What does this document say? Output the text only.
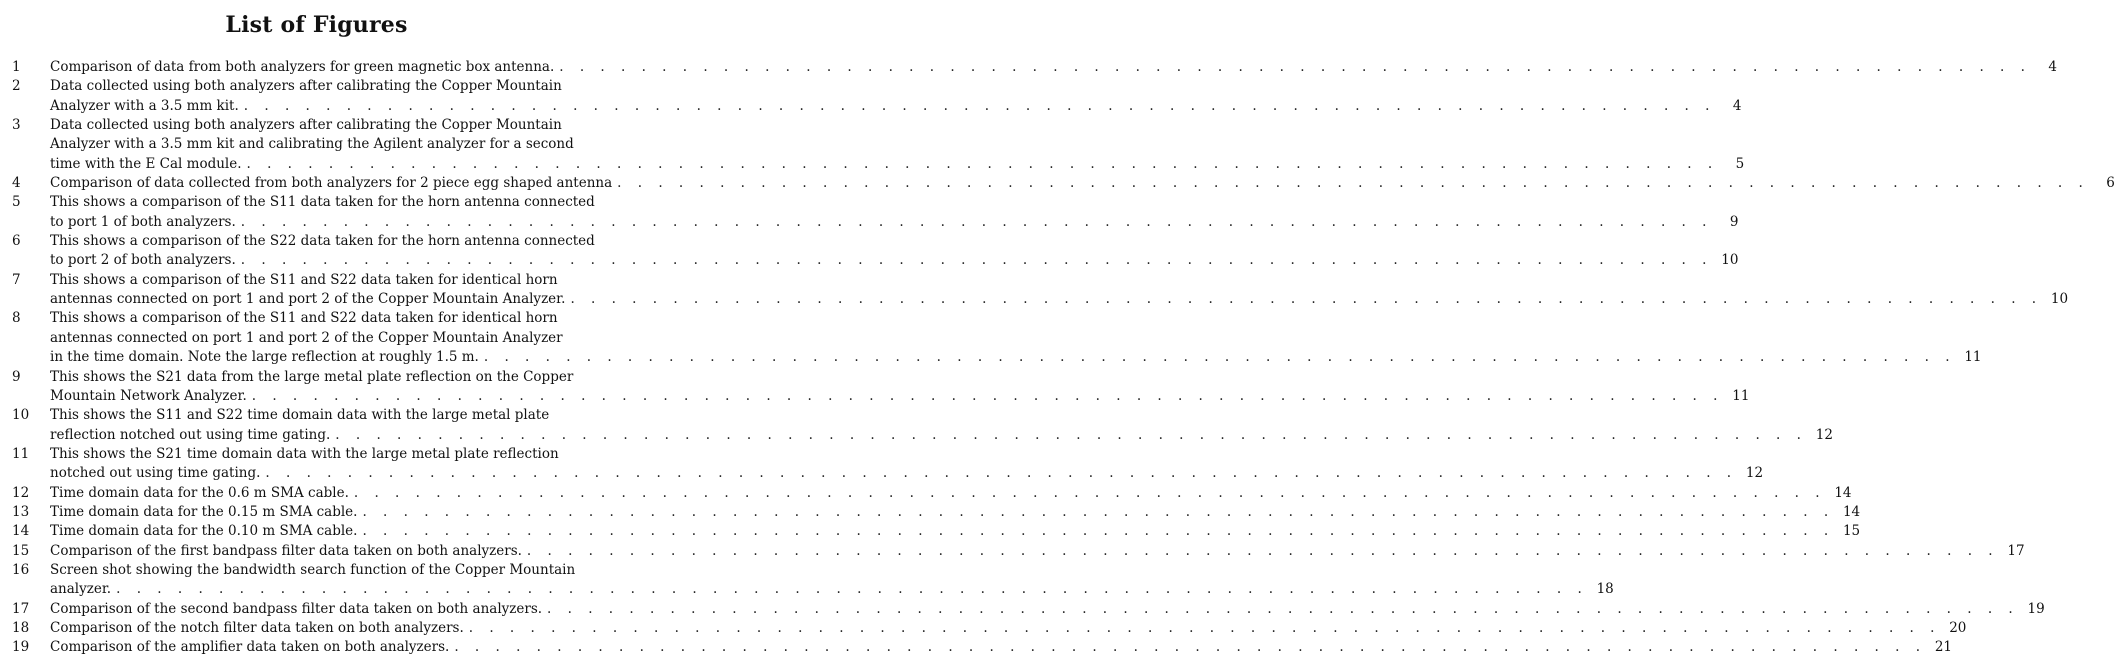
List of Figures
1	Comparison of data from both analyzers for green magnetic box antenna. . . . . . . . . . . . . . . . . . . . . . . . . . . . . . . . . . . . . . . . . . . . . . . . . . . . . . . . . . . . . . . . . . . . . . . . .	4
2	Data collected using both analyzers after calibrating the Copper Mountain
Analyzer with a 3.5 mm kit. . . . . . . . . . . . . . . . . . . . . . . . . . . . . . . . . . . . . . . . . . . . . . . . . . . . . . . . . . . . . . . . . . . . . . . . .	4
3	Data collected using both analyzers after calibrating the Copper Mountain
Analyzer with a 3.5 mm kit and calibrating the Agilent analyzer for a second
time with the E Cal module. . . . . . . . . . . . . . . . . . . . . . . . . . . . . . . . . . . . . . . . . . . . . . . . . . . . . . . . . . . . . . . . . . . . . . . . .	5
4	Comparison of data collected from both analyzers for 2 piece egg shaped antenna . . . . . . . . . . . . . . . . . . . . . . . . . . . . . . . . . . . . . . . . . . . . . . . . . . . . . . . . . . . . . . . . . . . . . . . .	6
5	This shows a comparison of the S11 data taken for the horn antenna connected
to port 1 of both analyzers. . . . . . . . . . . . . . . . . . . . . . . . . . . . . . . . . . . . . . . . . . . . . . . . . . . . . . . . . . . . . . . . . . . . . . . . .	9
6	This shows a comparison of the S22 data taken for the horn antenna connected
to port 2 of both analyzers. . . . . . . . . . . . . . . . . . . . . . . . . . . . . . . . . . . . . . . . . . . . . . . . . . . . . . . . . . . . . . . . . . . . . . . . . 10
7	This shows a comparison of the S11 and S22 data taken for identical horn
antennas connected on port 1 and port 2 of the Copper Mountain Analyzer. . . . . . . . . . . . . . . . . . . . . . . . . . . . . . . . . . . . . . . . . . . . . . . . . . . . . . . . . . . . . . . . . . . . . . . . . 10
8	This shows a comparison of the S11 and S22 data taken for identical horn
antennas connected on port 1 and port 2 of the Copper Mountain Analyzer
in the time domain. Note the large reflection at roughly 1.5 m. . . . . . . . . . . . . . . . . . . . . . . . . . . . . . . . . . . . . . . . . . . . . . . . . . . . . . . . . . . . . . . . . . . . . . . . . 11
9	This shows the S21 data from the large metal plate reflection on the Copper
Mountain Network Analyzer. . . . . . . . . . . . . . . . . . . . . . . . . . . . . . . . . . . . . . . . . . . . . . . . . . . . . . . . . . . . . . . . . . . . . . . . . 11
10	This shows the S11 and S22 time domain data with the large metal plate
reflection notched out using time gating. . . . . . . . . . . . . . . . . . . . . . . . . . . . . . . . . . . . . . . . . . . . . . . . . . . . . . . . . . . . . . . . . . . . . . . . . 12
11	This shows the S21 time domain data with the large metal plate reflection
notched out using time gating. . . . . . . . . . . . . . . . . . . . . . . . . . . . . . . . . . . . . . . . . . . . . . . . . . . . . . . . . . . . . . . . . . . . . . . . . 12
12	Time domain data for the 0.6 m SMA cable. . . . . . . . . . . . . . . . . . . . . . . . . . . . . . . . . . . . . . . . . . . . . . . . . . . . . . . . . . . . . . . . . . . . . . . . . 14
13	Time domain data for the 0.15 m SMA cable. . . . . . . . . . . . . . . . . . . . . . . . . . . . . . . . . . . . . . . . . . . . . . . . . . . . . . . . . . . . . . . . . . . . . . . . . 14
14	Time domain data for the 0.10 m SMA cable. . . . . . . . . . . . . . . . . . . . . . . . . . . . . . . . . . . . . . . . . . . . . . . . . . . . . . . . . . . . . . . . . . . . . . . . . 15
15	Comparison of the first bandpass filter data taken on both analyzers. . . . . . . . . . . . . . . . . . . . . . . . . . . . . . . . . . . . . . . . . . . . . . . . . . . . . . . . . . . . . . . . . . . . . . . . . 17
16	Screen shot showing the bandwidth search function of the Copper Mountain
analyzer. . . . . . . . . . . . . . . . . . . . . . . . . . . . . . . . . . . . . . . . . . . . . . . . . . . . . . . . . . . . . . . . . . . . . . . . . 18
17	Comparison of the second bandpass filter data taken on both analyzers. . . . . . . . . . . . . . . . . . . . . . . . . . . . . . . . . . . . . . . . . . . . . . . . . . . . . . . . . . . . . . . . . . . . . . . . . 19
18	Comparison of the notch filter data taken on both analyzers. . . . . . . . . . . . . . . . . . . . . . . . . . . . . . . . . . . . . . . . . . . . . . . . . . . . . . . . . . . . . . . . . . . . . . . . . 20
19	Comparison of the amplifier data taken on both analyzers. . . . . . . . . . . . . . . . . . . . . . . . . . . . . . . . . . . . . . . . . . . . . . . . . . . . . . . . . . . . . . . . . . . . . . . . . 21
